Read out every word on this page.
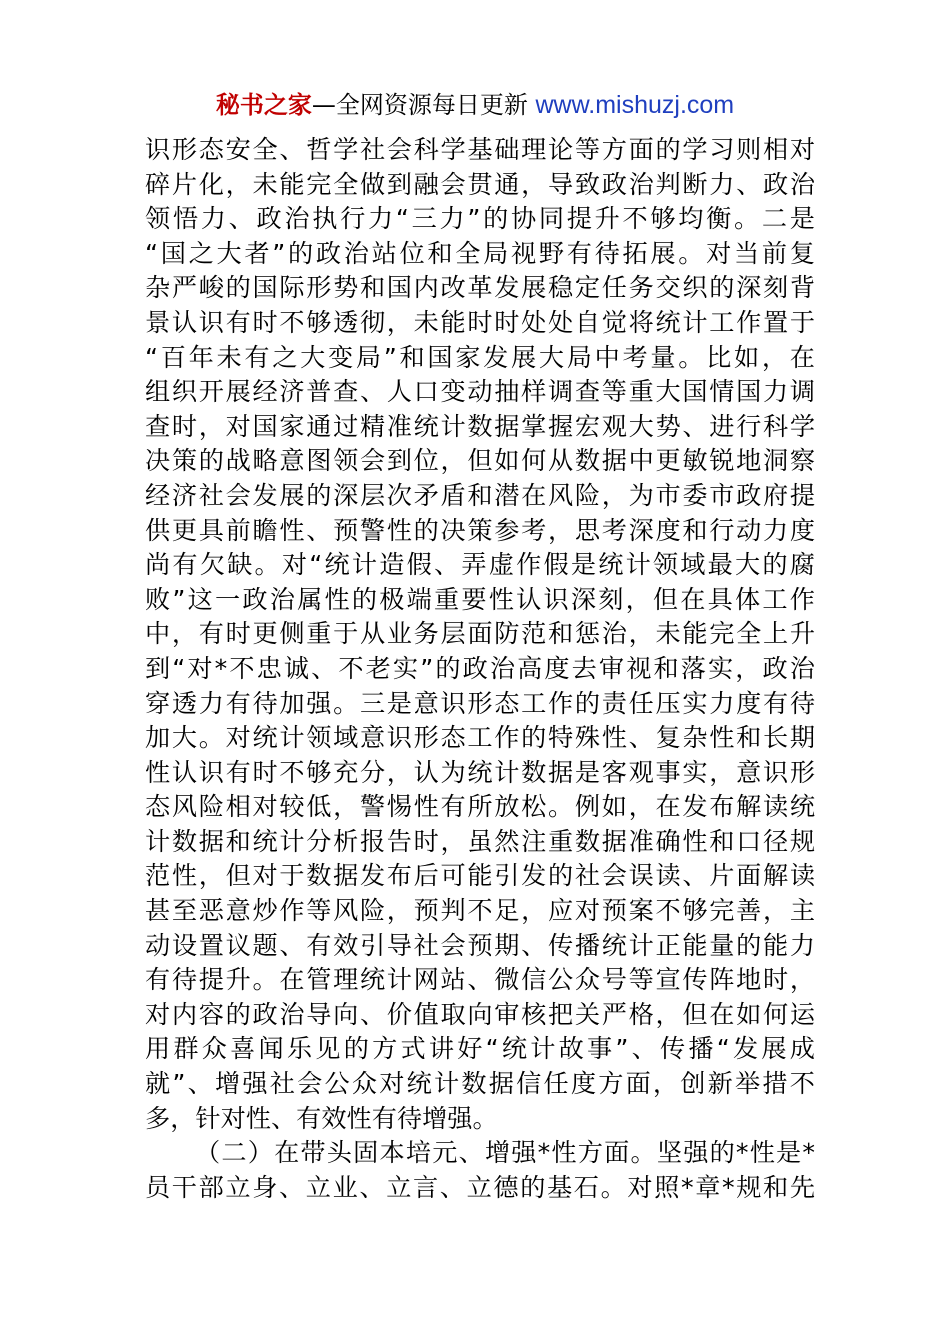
秘书之家—全网资源每日更新 www.mishuzj.com
识形态安全、哲学社会科学基础理论等方面的学习则相对
碎片化，未能完全做到融会贯通，导致政治判断力、政治
领悟力、政治执行力“三力”的协同提升不够均衡。二是
“国之大者”的政治站位和全局视野有待拓展。对当前复
杂严峻的国际形势和国内改革发展稳定任务交织的深刻背
景认识有时不够透彻，未能时时处处自觉将统计工作置于
“百年未有之大变局”和国家发展大局中考量。比如，在
组织开展经济普查、人口变动抽样调查等重大国情国力调
查时，对国家通过精准统计数据掌握宏观大势、进行科学
决策的战略意图领会到位，但如何从数据中更敏锐地洞察
经济社会发展的深层次矛盾和潜在风险，为市委市政府提
供更具前瞻性、预警性的决策参考，思考深度和行动力度
尚有欠缺。对“统计造假、弄虚作假是统计领域最大的腐
败”这一政治属性的极端重要性认识深刻，但在具体工作
中，有时更侧重于从业务层面防范和惩治，未能完全上升
到“对*不忠诚、不老实”的政治高度去审视和落实，政治
穿透力有待加强。三是意识形态工作的责任压实力度有待
加大。对统计领域意识形态工作的特殊性、复杂性和长期
性认识有时不够充分，认为统计数据是客观事实，意识形
态风险相对较低，警惕性有所放松。例如，在发布解读统
计数据和统计分析报告时，虽然注重数据准确性和口径规
范性，但对于数据发布后可能引发的社会误读、片面解读
甚至恶意炒作等风险，预判不足，应对预案不够完善，主
动设置议题、有效引导社会预期、传播统计正能量的能力
有待提升。在管理统计网站、微信公众号等宣传阵地时，
对内容的政治导向、价值取向审核把关严格，但在如何运
用群众喜闻乐见的方式讲好“统计故事”、传播“发展成
就”、增强社会公众对统计数据信任度方面，创新举措不
多，针对性、有效性有待增强。
（二）在带头固本培元、增强*性方面。坚强的*性是*
员干部立身、立业、立言、立德的基石。对照*章*规和先
